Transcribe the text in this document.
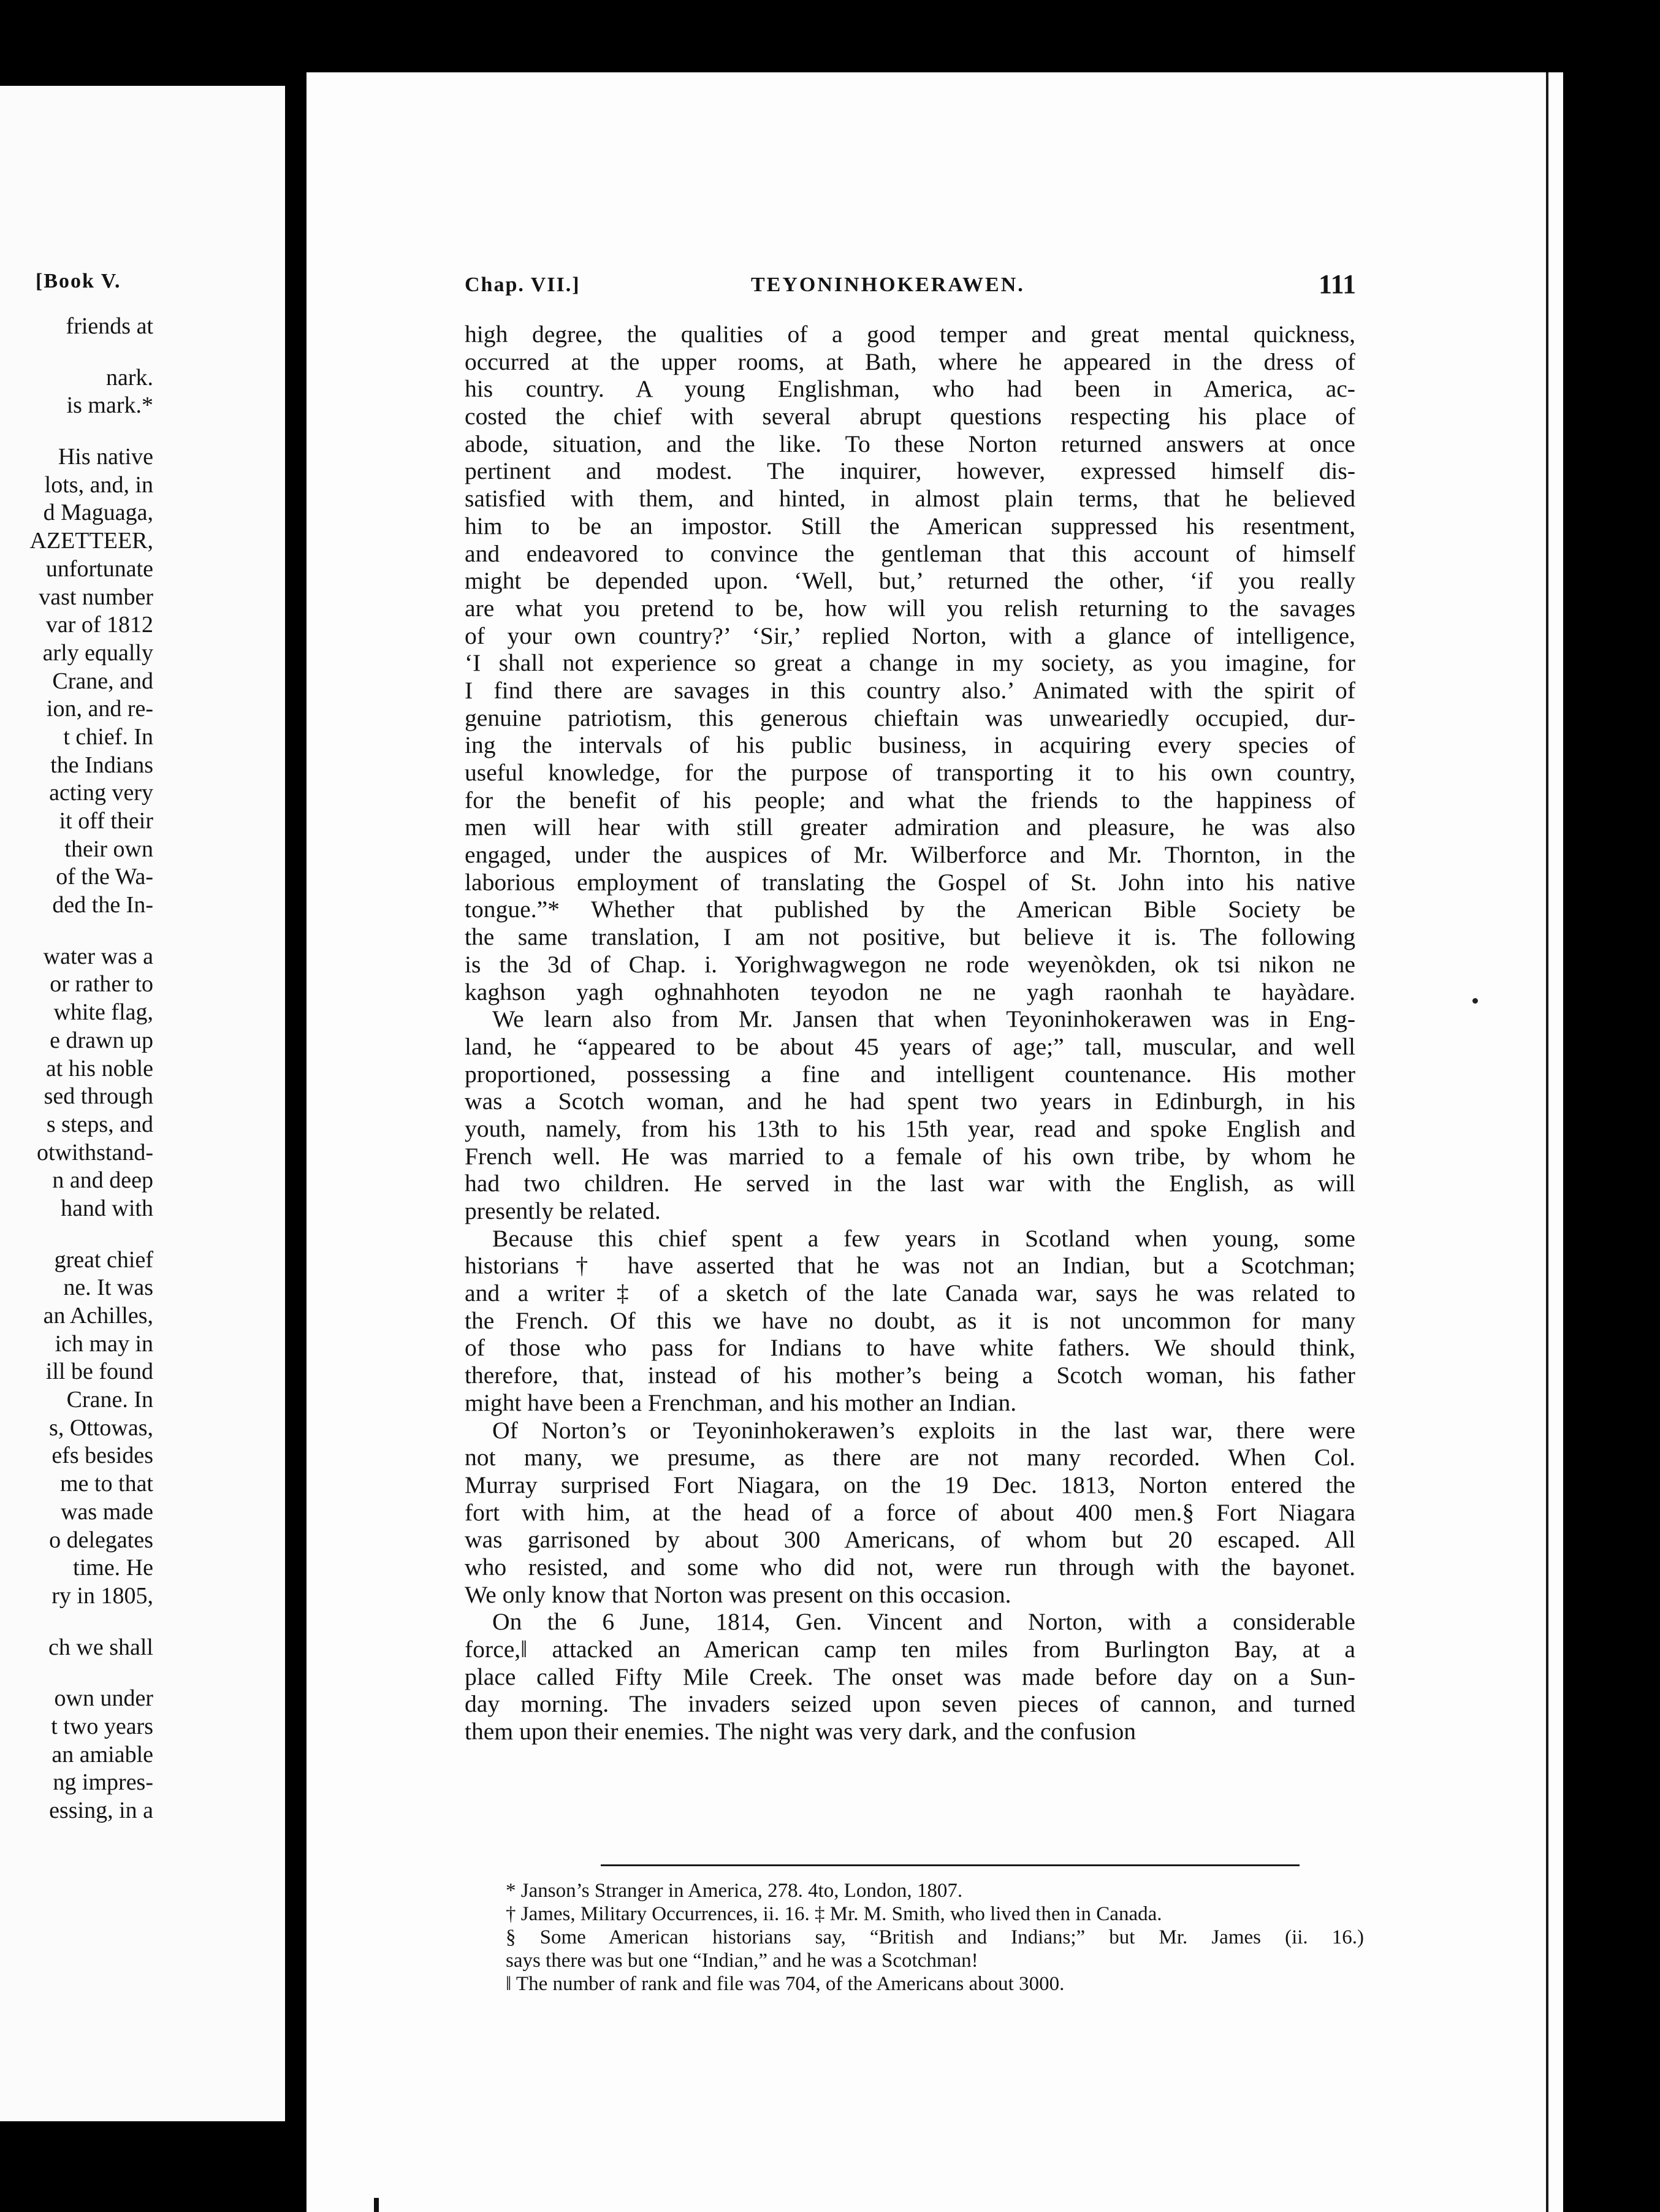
[Book V.
friends at
nark.
is mark.*
His native
lots, and, in
d Maguaga,
AZETTEER,
unfortunate
vast number
var of 1812
arly equally
Crane, and
ion, and re-
t chief. In
the Indians
acting very
it off their
their own
of the Wa-
ded the In-
water was a
or rather to
white flag,
e drawn up
at his noble
sed through
s steps, and
otwithstand-
n and deep
hand with
great chief
ne. It was
an Achilles,
ich may in
ill be found
Crane. In
s, Ottowas,
efs besides
me to that
was made
o delegates
time. He
ry in 1805,
ch we shall
own under
t two years
an amiable
ng impres-
essing, in a
Chap. VII.]	TEYONINHOKERAWEN.	111
high degree, the qualities of a good temper and great mental quickness,
occurred at the upper rooms, at Bath, where he appeared in the dress of
his country. A young Englishman, who had been in America, ac-
costed the chief with several abrupt questions respecting his place of
abode, situation, and the like. To these Norton returned answers at once
pertinent and modest. The inquirer, however, expressed himself dis-
satisfied with them, and hinted, in almost plain terms, that he believed
him to be an impostor. Still the American suppressed his resentment,
and endeavored to convince the gentleman that this account of himself
might be depended upon. ‘Well, but,’ returned the other, ‘if you really
are what you pretend to be, how will you relish returning to the savages
of your own country?’ ‘Sir,’ replied Norton, with a glance of intelligence,
‘I shall not experience so great a change in my society, as you imagine, for
I find there are savages in this country also.’ Animated with the spirit of
genuine patriotism, this generous chieftain was unweariedly occupied, dur-
ing the intervals of his public business, in acquiring every species of
useful knowledge, for the purpose of transporting it to his own country,
for the benefit of his people; and what the friends to the happiness of
men will hear with still greater admiration and pleasure, he was also
engaged, under the auspices of Mr. Wilberforce and Mr. Thornton, in the
laborious employment of translating the Gospel of St. John into his native
tongue.”* Whether that published by the American Bible Society be
the same translation, I am not positive, but believe it is. The following
is the 3d of Chap. i. Yorighwagwegon ne rode weyenòkden, ok tsi nikon ne
kaghson yagh oghnahhoten teyodon ne ne yagh raonhah te hayàdare.
We learn also from Mr. Jansen that when Teyoninhokerawen was in Eng-
land, he “appeared to be about 45 years of age;” tall, muscular, and well
proportioned, possessing a fine and intelligent countenance. His mother
was a Scotch woman, and he had spent two years in Edinburgh, in his
youth, namely, from his 13th to his 15th year, read and spoke English and
French well. He was married to a female of his own tribe, by whom he
had two children. He served in the last war with the English, as will
presently be related.
Because this chief spent a few years in Scotland when young, some
historians† have asserted that he was not an Indian, but a Scotchman;
and a writer‡ of a sketch of the late Canada war, says he was related to
the French. Of this we have no doubt, as it is not uncommon for many
of those who pass for Indians to have white fathers. We should think,
therefore, that, instead of his mother’s being a Scotch woman, his father
might have been a Frenchman, and his mother an Indian.
Of Norton’s or Teyoninhokerawen’s exploits in the last war, there were
not many, we presume, as there are not many recorded. When Col.
Murray surprised Fort Niagara, on the 19 Dec. 1813, Norton entered the
fort with him, at the head of a force of about 400 men.§ Fort Niagara
was garrisoned by about 300 Americans, of whom but 20 escaped. All
who resisted, and some who did not, were run through with the bayonet.
We only know that Norton was present on this occasion.
On the 6 June, 1814, Gen. Vincent and Norton, with a considerable
force,‖ attacked an American camp ten miles from Burlington Bay, at a
place called Fifty Mile Creek. The onset was made before day on a Sun-
day morning. The invaders seized upon seven pieces of cannon, and turned
them upon their enemies. The night was very dark, and the confusion
* Janson’s Stranger in America, 278. 4to, London, 1807.
† James, Military Occurrences, ii. 16. ‡ Mr. M. Smith, who lived then in Canada.
§ Some American historians say, “British and Indians;” but Mr. James (ii. 16.)
says there was but one “Indian,” and he was a Scotchman!
‖ The number of rank and file was 704, of the Americans about 3000.
